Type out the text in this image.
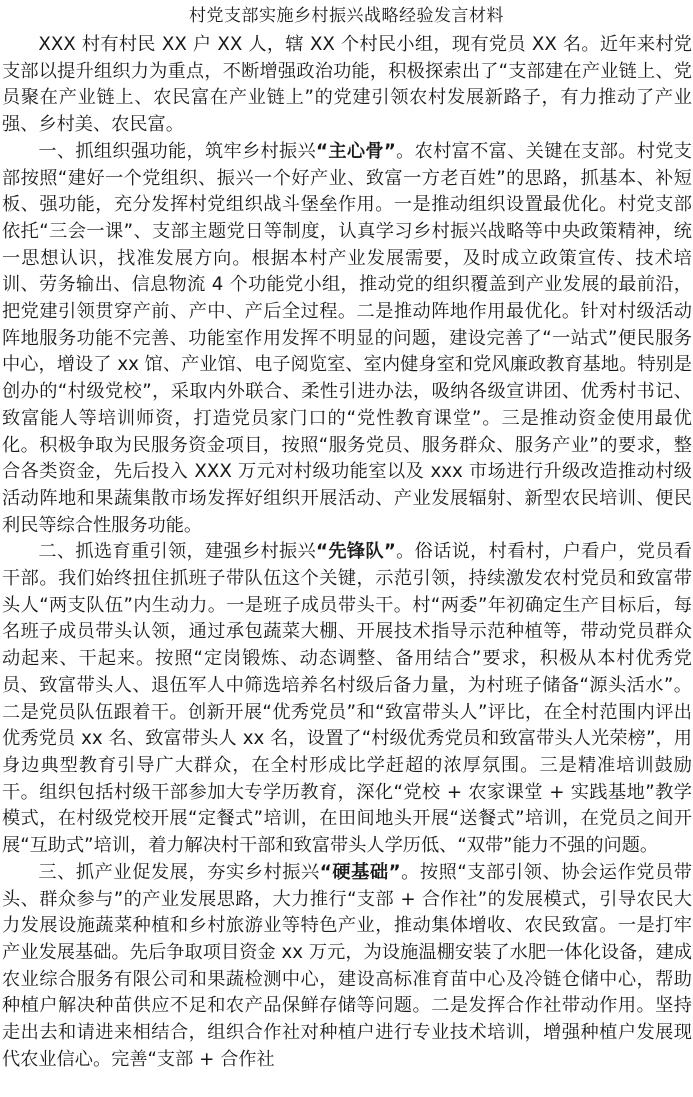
村党支部实施乡村振兴战略经验发言材料

XXX 村有村民 XX 户 XX 人，辖 XX 个村民小组，现有党员 XX 名。近年来村党支部以提升组织力为重点，不断增强政治功能，积极探索出了“支部建在产业链上、党员聚在产业链上、农民富在产业链上”的党建引领农村发展新路子，有力推动了产业强、乡村美、农民富。

一、抓组织强功能，筑牢乡村振兴“主心骨”。农村富不富、关键在支部。村党支部按照“建好一个党组织、振兴一个好产业、致富一方老百姓”的思路，抓基本、补短板、强功能，充分发挥村党组织战斗堡垒作用。一是推动组织设置最优化。村党支部依托“三会一课”、支部主题党日等制度，认真学习乡村振兴战略等中央政策精神，统一思想认识，找准发展方向。根据本村产业发展需要，及时成立政策宣传、技术培训、劳务输出、信息物流 4 个功能党小组，推动党的组织覆盖到产业发展的最前沿，把党建引领贯穿产前、产中、产后全过程。二是推动阵地作用最优化。针对村级活动阵地服务功能不完善、功能室作用发挥不明显的问题，建设完善了“一站式”便民服务中心，增设了 xx 馆、产业馆、电子阅览室、室内健身室和党风廉政教育基地。特别是创办的“村级党校”，采取内外联合、柔性引进办法，吸纳各级宣讲团、优秀村书记、致富能人等培训师资，打造党员家门口的“党性教育课堂”。三是推动资金使用最优化。积极争取为民服务资金项目，按照“服务党员、服务群众、服务产业”的要求，整合各类资金，先后投入 XXX 万元对村级功能室以及 xxx 市场进行升级改造推动村级活动阵地和果蔬集散市场发挥好组织开展活动、产业发展辐射、新型农民培训、便民利民等综合性服务功能。

二、抓选育重引领，建强乡村振兴“先锋队”。俗话说，村看村，户看户，党员看干部。我们始终扭住抓班子带队伍这个关键，示范引领，持续激发农村党员和致富带头人“两支队伍”内生动力。一是班子成员带头干。村“两委”年初确定生产目标后，每名班子成员带头认领，通过承包蔬菜大棚、开展技术指导示范种植等，带动党员群众动起来、干起来。按照“定岗锻炼、动态调整、备用结合”要求，积极从本村优秀党员、致富带头人、退伍军人中筛选培养名村级后备力量，为村班子储备“源头活水”。二是党员队伍跟着干。创新开展“优秀党员”和“致富带头人”评比，在全村范围内评出优秀党员 xx 名、致富带头人 xx 名，设置了“村级优秀党员和致富带头人光荣榜”，用身边典型教育引导广大群众，在全村形成比学赶超的浓厚氛围。三是精准培训鼓励干。组织包括村级干部参加大专学历教育，深化“党校 + 农家课堂 + 实践基地”教学模式，在村级党校开展“定餐式”培训，在田间地头开展“送餐式”培训，在党员之间开展“互助式”培训，着力解决村干部和致富带头人学历低、“双带”能力不强的问题。

三、抓产业促发展，夯实乡村振兴“硬基础”。按照“支部引领、协会运作党员带头、群众参与”的产业发展思路，大力推行“支部 + 合作社”的发展模式，引导农民大力发展设施蔬菜种植和乡村旅游业等特色产业，推动集体增收、农民致富。一是打牢产业发展基础。先后争取项目资金 xx 万元，为设施温棚安装了水肥一体化设备，建成农业综合服务有限公司和果蔬检测中心，建设高标准育苗中心及冷链仓储中心，帮助种植户解决种苗供应不足和农产品保鲜存储等问题。二是发挥合作社带动作用。坚持走出去和请进来相结合，组织合作社对种植户进行专业技术培训，增强种植户发展现代农业信心。完善“支部 + 合作社
